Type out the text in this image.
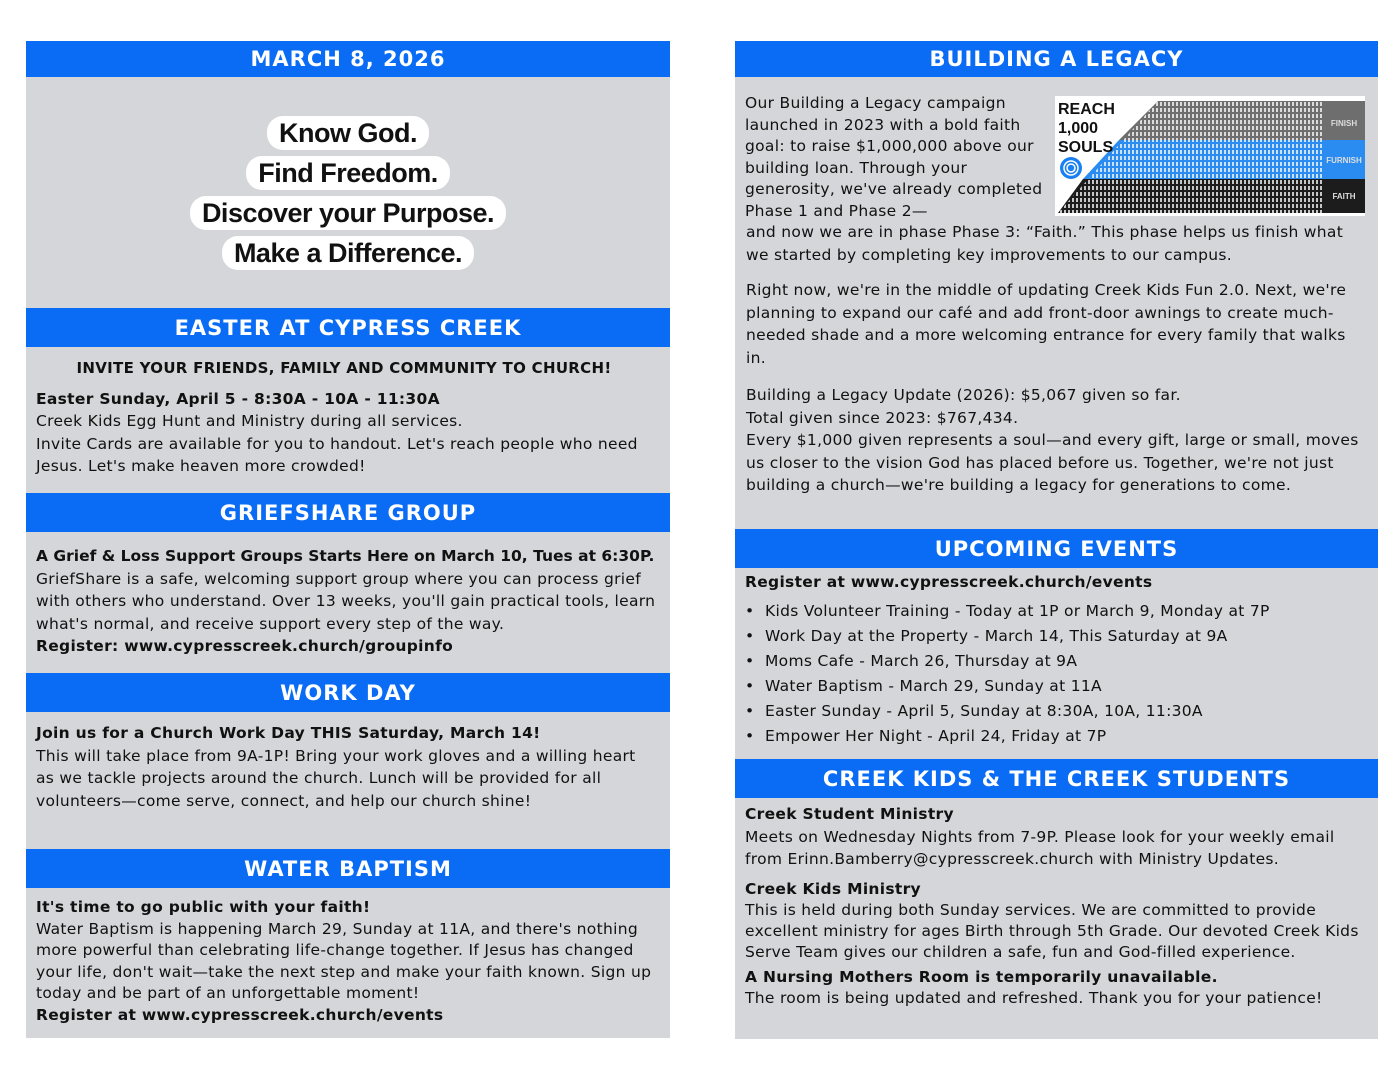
MARCH 8, 2026
Know God.
Find Freedom.
Discover your Purpose.
Make a Difference.
EASTER AT CYPRESS CREEK

INVITE YOUR FRIENDS, FAMILY AND COMMUNITY TO CHURCH!

Easter Sunday, April 5 - 8:30A - 10A - 11:30A

Creek Kids Egg Hunt and Ministry during all services.

Invite Cards are available for you to handout. Let's reach people who need Jesus. Let's make heaven more crowded!

GRIEFSHARE GROUP

A Grief & Loss Support Groups Starts Here on March 10, Tues at 6:30P.

GriefShare is a safe, welcoming support group where you can process grief with others who understand. Over 13 weeks, you'll gain practical tools, learn what's normal, and receive support every step of the way.

Register: www.cypresscreek.church/groupinfo

WORK DAY

Join us for a Church Work Day THIS Saturday, March 14!

This will take place from 9A-1P! Bring your work gloves and a willing heart as we tackle projects around the church. Lunch will be provided for all volunteers—come serve, connect, and help our church shine!

WATER BAPTISM

It's time to go public with your faith!

Water Baptism is happening March 29, Sunday at 11A, and there's nothing more powerful than celebrating life-change together. If Jesus has changed your life, don't wait—take the next step and make your faith known. Sign up today and be part of an unforgettable moment!

Register at www.cypresscreek.church/events

BUILDING A LEGACY
REACH
1,000
SOULS
FINISH
FURNISH
FAITH

Our Building a Legacy campaign launched in 2023 with a bold faith goal: to raise $1,000,000 above our building loan. Through your generosity, we've already completed Phase 1 and Phase 2—

and now we are in phase Phase 3: “Faith.” This phase helps us finish what we started by completing key improvements to our campus.

Right now, we're in the middle of updating Creek Kids Fun 2.0. Next, we're planning to expand our café and add front-door awnings to create much-needed shade and a more welcoming entrance for every family that walks in.

Building a Legacy Update (2026): $5,067 given so far.

Total given since 2023: $767,434.

Every $1,000 given represents a soul—and every gift, large or small, moves us closer to the vision God has placed before us. Together, we're not just building a church—we're building a legacy for generations to come.

UPCOMING EVENTS

Register at www.cypresscreek.church/events

• Kids Volunteer Training - Today at 1P or March 9, Monday at 7P
• Work Day at the Property - March 14, This Saturday at 9A
• Moms Cafe - March 26, Thursday at 9A
• Water Baptism - March 29, Sunday at 11A
• Easter Sunday - April 5, Sunday at 8:30A, 10A, 11:30A
• Empower Her Night - April 24, Friday at 7P
CREEK KIDS & THE CREEK STUDENTS

Creek Student Ministry

Meets on Wednesday Nights from 7-9P. Please look for your weekly email from Erinn.Bamberry@cypresscreek.church with Ministry Updates.

Creek Kids Ministry

This is held during both Sunday services. We are committed to provide excellent ministry for ages Birth through 5th Grade. Our devoted Creek Kids Serve Team gives our children a safe, fun and God-filled experience.

A Nursing Mothers Room is temporarily unavailable.

The room is being updated and refreshed. Thank you for your patience!
